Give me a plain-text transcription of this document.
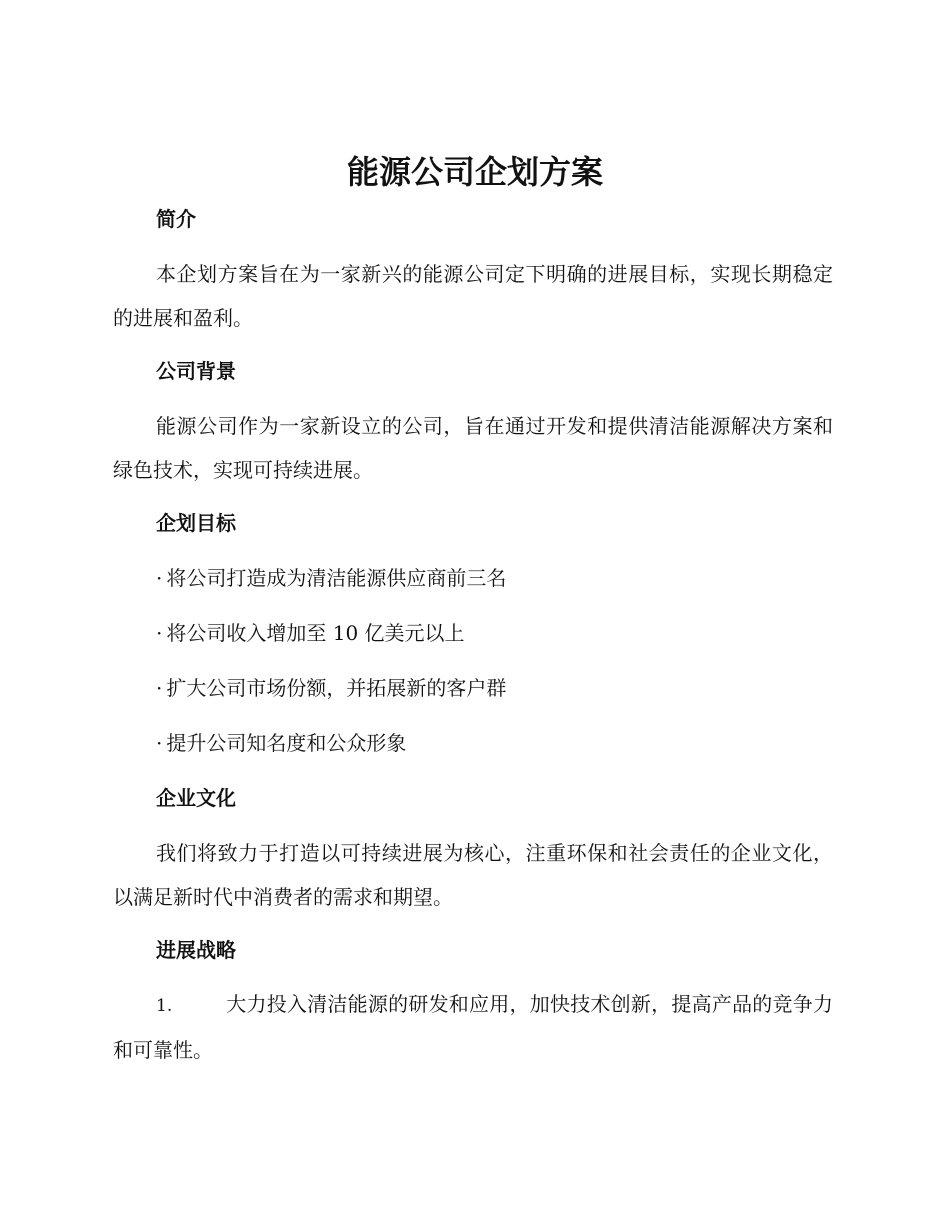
能源公司企划方案
简介

本企划方案旨在为一家新兴的能源公司定下明确的进展目标，实现长期稳定的进展和盈利。

公司背景

能源公司作为一家新设立的公司，旨在通过开发和提供清洁能源解决方案和绿色技术，实现可持续进展。

企划目标
· 将公司打造成为清洁能源供应商前三名
· 将公司收入增加至 10 亿美元以上
· 扩大公司市场份额，并拓展新的客户群
· 提升公司知名度和公众形象
企业文化

我们将致力于打造以可持续进展为核心，注重环保和社会责任的企业文化，以满足新时代中消费者的需求和期望。

进展战略

1.	大力投入清洁能源的研发和应用，加快技术创新，提高产品的竞争力和可靠性。
